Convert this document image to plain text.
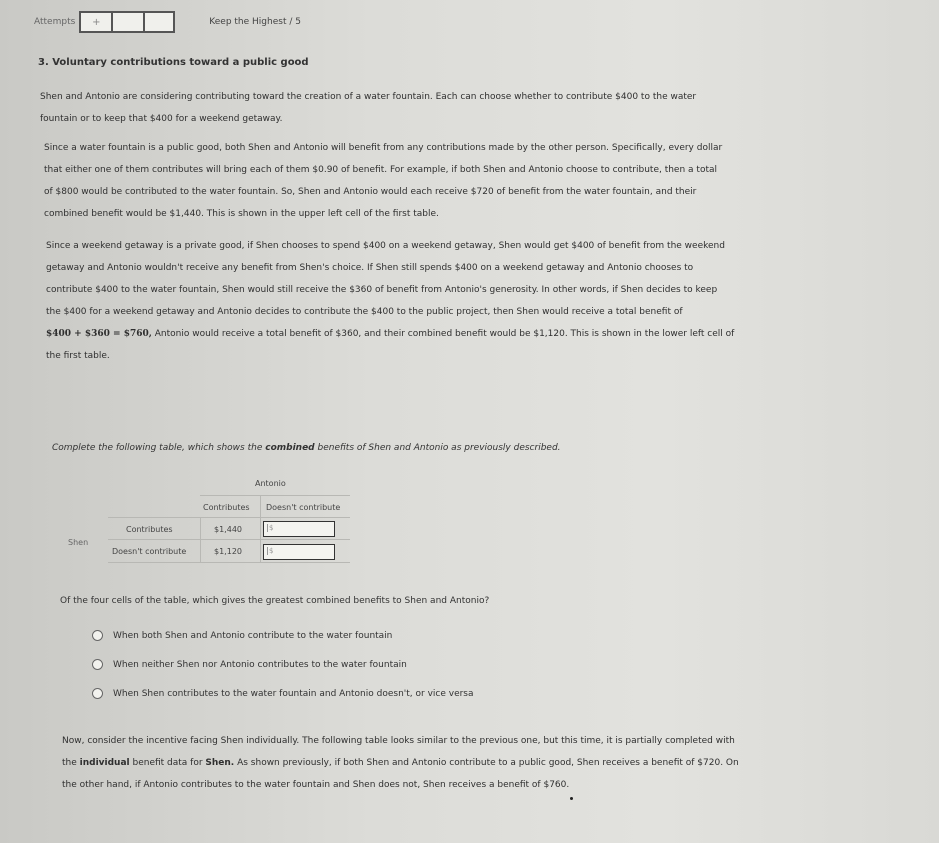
Attempts +	Keep the Highest / 5
3. Voluntary contributions toward a public good
Shen and Antonio are considering contributing toward the creation of a water fountain. Each can choose whether to contribute $400 to the water
fountain or to keep that $400 for a weekend getaway.
Since a water fountain is a public good, both Shen and Antonio will benefit from any contributions made by the other person. Specifically, every dollar
that either one of them contributes will bring each of them $0.90 of benefit. For example, if both Shen and Antonio choose to contribute, then a total
of $800 would be contributed to the water fountain. So, Shen and Antonio would each receive $720 of benefit from the water fountain, and their
combined benefit would be $1,440. This is shown in the upper left cell of the first table.
Since a weekend getaway is a private good, if Shen chooses to spend $400 on a weekend getaway, Shen would get $400 of benefit from the weekend
getaway and Antonio wouldn't receive any benefit from Shen's choice. If Shen still spends $400 on a weekend getaway and Antonio chooses to
contribute $400 to the water fountain, Shen would still receive the $360 of benefit from Antonio's generosity. In other words, if Shen decides to keep
the $400 for a weekend getaway and Antonio decides to contribute the $400 to the public project, then Shen would receive a total benefit of
$400 + $360 = $760, Antonio would receive a total benefit of $360, and their combined benefit would be $1,120. This is shown in the lower left cell of
the first table.
Complete the following table, which shows the combined benefits of Shen and Antonio as previously described.
Antonio
Contributes Doesn't contribute
Shen
Contributes
Doesn't contribute
$1,440
$1,120
$
$
Of the four cells of the table, which gives the greatest combined benefits to Shen and Antonio?
When both Shen and Antonio contribute to the water fountain
When neither Shen nor Antonio contributes to the water fountain
When Shen contributes to the water fountain and Antonio doesn't, or vice versa
Now, consider the incentive facing Shen individually. The following table looks similar to the previous one, but this time, it is partially completed with
the individual benefit data for Shen. As shown previously, if both Shen and Antonio contribute to a public good, Shen receives a benefit of $720. On
the other hand, if Antonio contributes to the water fountain and Shen does not, Shen receives a benefit of $760.
